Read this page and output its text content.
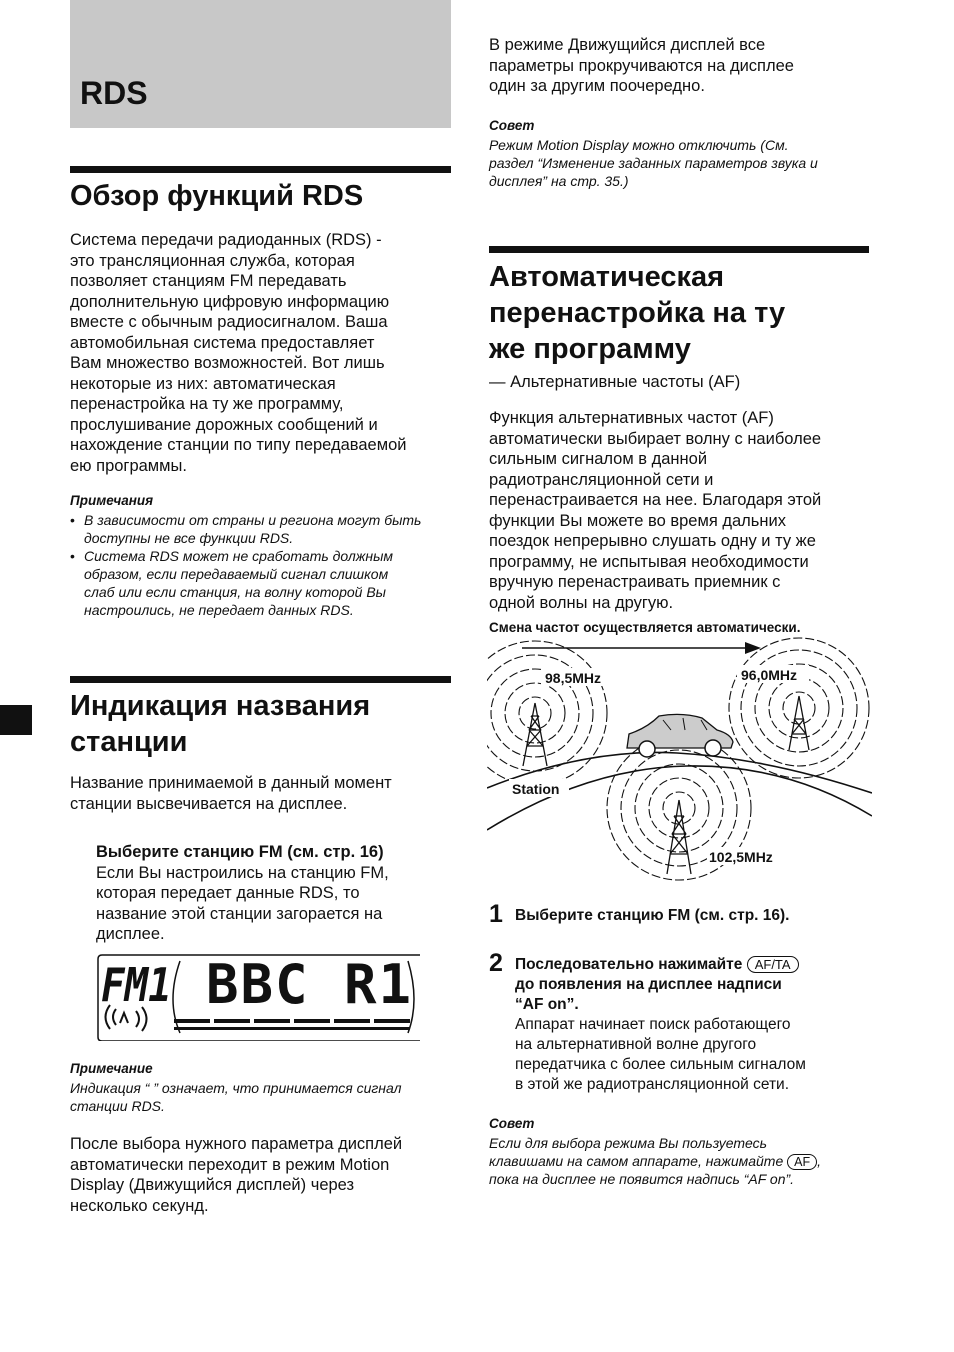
RDS
Обзор функций RDS
Система передачи радиоданных (RDS) -
это трансляционная служба, которая
позволяет станциям FM передавать
дополнительную цифровую информацию
вместе с обычным радиосигналом. Ваша
автомобильная система предоставляет
Вам множество возможностей. Вот лишь
некоторые из них: автоматическая
перенастройка на ту же программу,
прослушивание дорожных сообщений и
нахождение станции по типу передаваемой
ею программы.
Примечания
• В зависимости от страны и региона могут быть
доступны не все функции RDS.
• Система RDS может не сработать должным
образом, если передаваемый сигнал слишком
слаб или если станция, на волну которой Вы
настроились, не передает данных RDS.
Индикация названия
станции
Название принимаемой в данный момент
станции высвечивается на дисплее.
Выберите станцию FM (см. стр. 16)
Если Вы настроились на станцию FM,
которая передает данные RDS, то
название этой станции загорается на
дисплее.
FM1 BBC R1
Примечание
Индикация “ ” означает, что принимается сигнал
станции RDS.
После выбора нужного параметра дисплей
автоматически переходит в режим Motion
Display (Движущийся дисплей) через
несколько секунд.
В режиме Движущийся дисплей все
параметры прокручиваются на дисплее
один за другим поочередно.
Совет
Режим Motion Display можно отключить (См.
раздел “Изменение заданных параметров звука и
дисплея” на стр. 35.)
Автоматическая
перенастройка на ту
же программу
— Альтернативные частоты (AF)
Функция альтернативных частот (AF)
автоматически выбирает волну с наиболее
сильным сигналом в данной
радиотрансляционной сети и
перенастраивается на нее. Благодаря этой
функции Вы можете во время дальних
поездок непрерывно слушать одну и ту же
программу, не испытывая необходимости
вручную перенастраивать приемник с
одной волны на другую.
98,5MHz	96,0MHz
102,5MHz
Station
Смена частот осуществляется автоматически.
1 Выберите станцию FM (см. стр. 16).
2 Последовательно нажимайте AF/TA
до появления на дисплее надписи
“AF on”.
Аппарат начинает поиск работающего
на альтернативной волне другого
передатчика с более сильным сигналом
в этой же радиотрансляционной сети.
Совет
Если для выбора режима Вы пользуетесь
клавишами на самом аппарате, нажимайте AF ,
пока на дисплее не появится надпись “AF on”.
